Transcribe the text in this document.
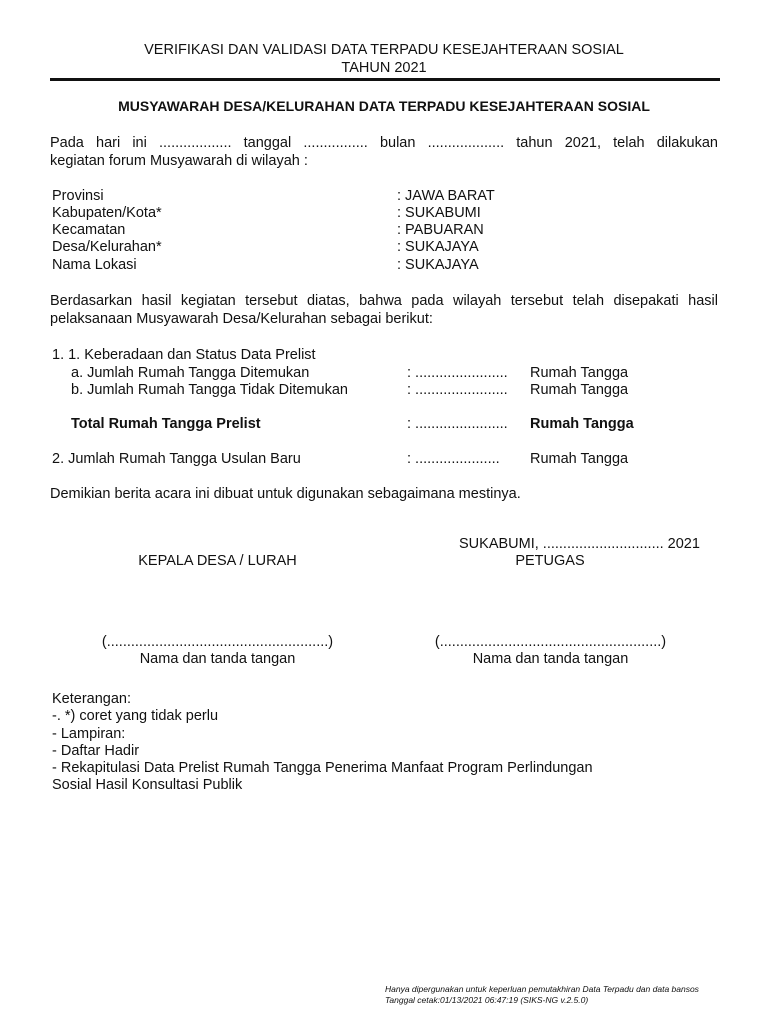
VERIFIKASI DAN VALIDASI DATA TERPADU KESEJAHTERAAN SOSIAL
TAHUN 2021
MUSYAWARAH DESA/KELURAHAN DATA TERPADU KESEJAHTERAAN SOSIAL
Pada hari ini .................. tanggal ................ bulan ................... tahun 2021, telah dilakukan
kegiatan forum Musyawarah di wilayah :
Provinsi	: JAWA BARAT
Kabupaten/Kota*	: SUKABUMI
Kecamatan	: PABUARAN
Desa/Kelurahan*	: SUKAJAYA
Nama Lokasi	: SUKAJAYA
Berdasarkan hasil kegiatan tersebut diatas, bahwa pada wilayah tersebut telah disepakati hasil
pelaksanaan Musyawarah Desa/Kelurahan sebagai berikut:
1. 1. Keberadaan dan Status Data Prelist
a. Jumlah Rumah Tangga Ditemukan	: ....................... Rumah Tangga
b. Jumlah Rumah Tangga Tidak Ditemukan	: ....................... Rumah Tangga
Total Rumah Tangga Prelist	: ....................... Rumah Tangga
2. Jumlah Rumah Tangga Usulan Baru	: ..................... Rumah Tangga
Demikian berita acara ini dibuat untuk digunakan sebagaimana mestinya.
SUKABUMI, .............................. 2021
KEPALA DESA / LURAH	PETUGAS
(.......................................................)	(.......................................................)
Nama dan tanda tangan	Nama dan tanda tangan
Keterangan:
-. *) coret yang tidak perlu
- Lampiran:
- Daftar Hadir
- Rekapitulasi Data Prelist Rumah Tangga Penerima Manfaat Program Perlindungan
Sosial Hasil Konsultasi Publik
Hanya dipergunakan untuk keperluan pemutakhiran Data Terpadu dan data bansos
Tanggal cetak:01/13/2021 06:47:19 (SIKS-NG v.2.5.0)
